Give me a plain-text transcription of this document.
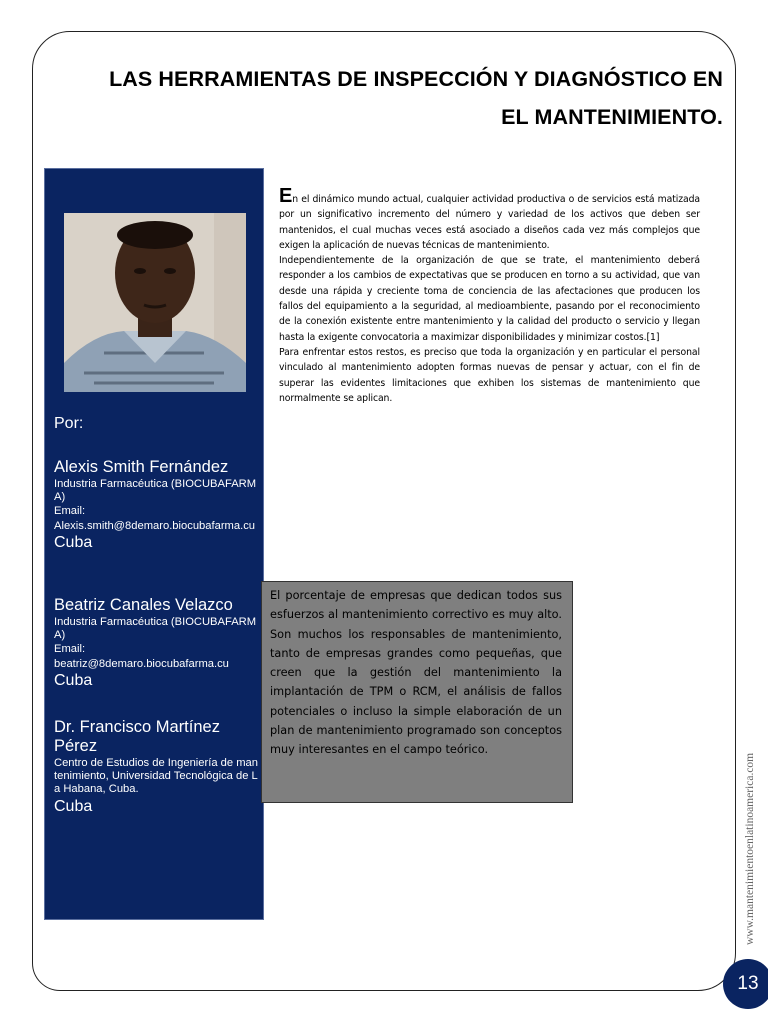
LAS HERRAMIENTAS DE INSPECCIÓN Y DIAGNÓSTICO EN
EL MANTENIMIENTO.
Por:
Alexis Smith Fernández
Industria Farmacéutica (BIOCUBAFARMA)
Email:
Alexis.smith@8demaro.biocubafarma.cu
Cuba
Beatriz Canales Velazco
Industria Farmacéutica (BIOCUBAFARMA)
Email:
beatriz@8demaro.biocubafarma.cu
Cuba
Dr. Francisco Martínez Pérez
Centro de Estudios de Ingeniería de mantenimiento, Universidad Tecnológica de La Habana, Cuba.
Cuba

En el dinámico mundo actual, cualquier actividad productiva o de servicios está matizada por un significativo incremento del número y variedad de los activos que deben ser mantenidos, el cual muchas veces está asociado a diseños cada vez más complejos que exigen la aplicación de nuevas técnicas de mantenimiento.

Independientemente de la organización de que se trate, el mantenimiento deberá responder a los cambios de expectativas que se producen en torno a su actividad, que van desde una rápida y creciente toma de conciencia de las afectaciones que producen los fallos del equipamiento a la seguridad, al medioambiente, pasando por el reconocimiento de la conexión existente entre mantenimiento y la calidad del producto o servicio y llegan hasta la exigente convocatoria a maximizar disponibilidades y minimizar costos.[1]

Para enfrentar estos restos, es preciso que toda la organización y en particular el personal vinculado al mantenimiento adopten formas nuevas de pensar y actuar, con el fin de superar las evidentes limitaciones que exhiben los sistemas de mantenimiento que normalmente se aplican.

El porcentaje de empresas que dedican todos sus esfuerzos al mantenimiento correctivo es muy alto. Son muchos los responsables de mantenimiento, tanto de empresas grandes como pequeñas, que creen que la gestión del mantenimiento la implantación de TPM o RCM, el análisis de fallos potenciales o incluso la simple elaboración de un plan de mantenimiento programado son conceptos muy interesantes en el campo teórico.
www.mantenimientoenlatinoamerica.com
13
